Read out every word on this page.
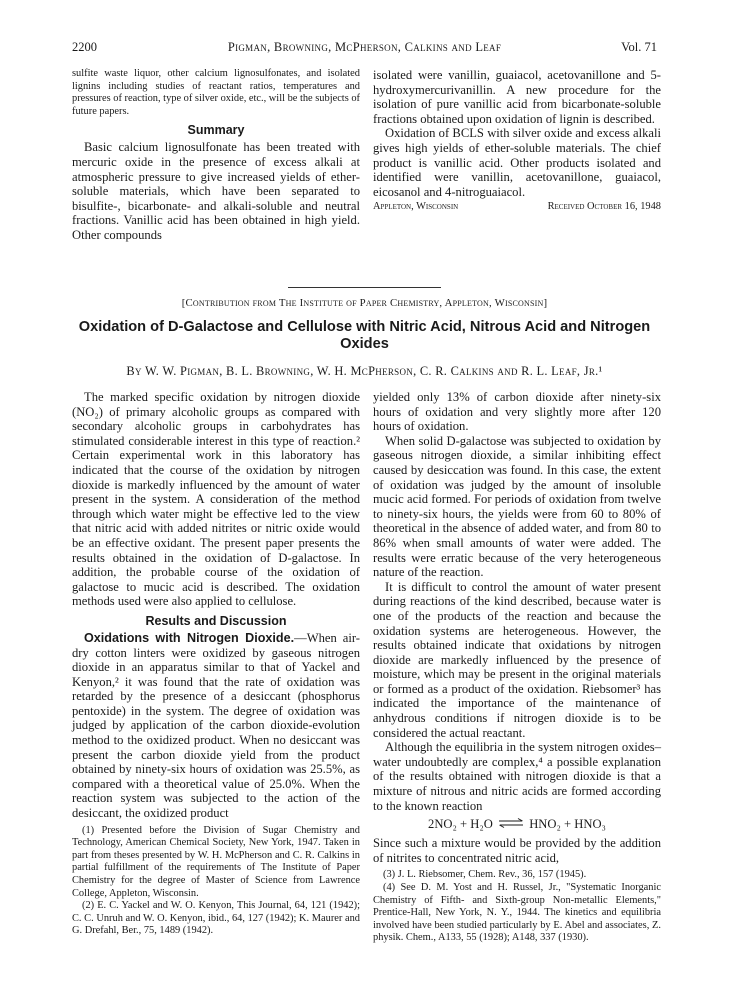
2200	Pigman, Browning, McPherson, Calkins and Leaf	Vol. 71

sulfite waste liquor, other calcium lignosulfonates, and isolated lignins including studies of reactant ratios, temperatures and pressures of reaction, type of silver oxide, etc., will be the subjects of future papers.

Summary

Basic calcium lignosulfonate has been treated with mercuric oxide in the presence of excess alkali at atmospheric pressure to give increased yields of ether-soluble materials, which have been separated to bisulfite-, bicarbonate- and alkali-soluble and neutral fractions. Vanillic acid has been obtained in high yield. Other compounds

isolated were vanillin, guaiacol, acetovanillone and 5-hydroxymercurivanillin. A new procedure for the isolation of pure vanillic acid from bicarbonate-soluble fractions obtained upon oxidation of lignin is described.

Oxidation of BCLS with silver oxide and excess alkali gives high yields of ether-soluble materials. The chief product is vanillic acid. Other products isolated and identified were vanillin, acetovanillone, guaiacol, eicosanol and 4-nitroguaiacol.

Appleton, Wisconsin	Received October 16, 1948
[Contribution from The Institute of Paper Chemistry, Appleton, Wisconsin]
Oxidation of D-Galactose and Cellulose with Nitric Acid, Nitrous Acid and Nitrogen Oxides
By W. W. Pigman, B. L. Browning, W. H. McPherson, C. R. Calkins and R. L. Leaf, Jr.¹

The marked specific oxidation by nitrogen dioxide (NO₂) of primary alcoholic groups as compared with secondary alcoholic groups in carbohydrates has stimulated considerable interest in this type of reaction.² Certain experimental work in this laboratory has indicated that the course of the oxidation by nitrogen dioxide is markedly influenced by the amount of water present in the system. A consideration of the method through which water might be effective led to the view that nitric acid with added nitrites or nitric oxide would be an effective oxidant. The present paper presents the results obtained in the oxidation of D-galactose. In addition, the probable course of the oxidation of galactose to mucic acid is described. The oxidation methods used were also applied to cellulose.

Results and Discussion

Oxidations with Nitrogen Dioxide.—When air-dry cotton linters were oxidized by gaseous nitrogen dioxide in an apparatus similar to that of Yackel and Kenyon,² it was found that the rate of oxidation was retarded by the presence of a desiccant (phosphorus pentoxide) in the system. The degree of oxidation was judged by application of the carbon dioxide-evolution method to the oxidized product. When no desiccant was present the carbon dioxide yield from the product obtained by ninety-six hours of oxidation was 25.5%, as compared with a theoretical value of 25.0%. When the reaction system was subjected to the action of the desiccant, the oxidized product

(1) Presented before the Division of Sugar Chemistry and Technology, American Chemical Society, New York, 1947. Taken in part from theses presented by W. H. McPherson and C. R. Calkins in partial fulfillment of the requirements of The Institute of Paper Chemistry for the degree of Master of Science from Lawrence College, Appleton, Wisconsin.

(2) E. C. Yackel and W. O. Kenyon, This Journal, 64, 121 (1942); C. C. Unruh and W. O. Kenyon, ibid., 64, 127 (1942); K. Maurer and G. Drefahl, Ber., 75, 1489 (1942).

yielded only 13% of carbon dioxide after ninety-six hours of oxidation and very slightly more after 120 hours of oxidation.

When solid D-galactose was subjected to oxidation by gaseous nitrogen dioxide, a similar inhibiting effect caused by desiccation was found. In this case, the extent of oxidation was judged by the amount of insoluble mucic acid formed. For periods of oxidation from twelve to ninety-six hours, the yields were from 60 to 80% of theoretical in the absence of added water, and from 80 to 86% when small amounts of water were added. The results were erratic because of the very heterogeneous nature of the reaction.

It is difficult to control the amount of water present during reactions of the kind described, because water is one of the products of the reaction and because the oxidation systems are heterogeneous. However, the results obtained indicate that oxidations by nitrogen dioxide are markedly influenced by the presence of moisture, which may be present in the original materials or formed as a product of the oxidation. Riebsomer³ has indicated the importance of the maintenance of anhydrous conditions if nitrogen dioxide is to be considered the actual reactant.

Although the equilibria in the system nitrogen oxides–water undoubtedly are complex,⁴ a possible explanation of the results obtained with nitrogen dioxide is that a mixture of nitrous and nitric acids are formed according to the known reaction

2NO₂ + H₂O ⇌ HNO₂ + HNO₃

Since such a mixture would be provided by the addition of nitrites to concentrated nitric acid,

(3) J. L. Riebsomer, Chem. Rev., 36, 157 (1945).

(4) See D. M. Yost and H. Russel, Jr., "Systematic Inorganic Chemistry of Fifth- and Sixth-group Non-metallic Elements," Prentice-Hall, New York, N. Y., 1944. The kinetics and equilibria involved have been studied particularly by E. Abel and associates, Z. physik. Chem., A133, 55 (1928); A148, 337 (1930).
